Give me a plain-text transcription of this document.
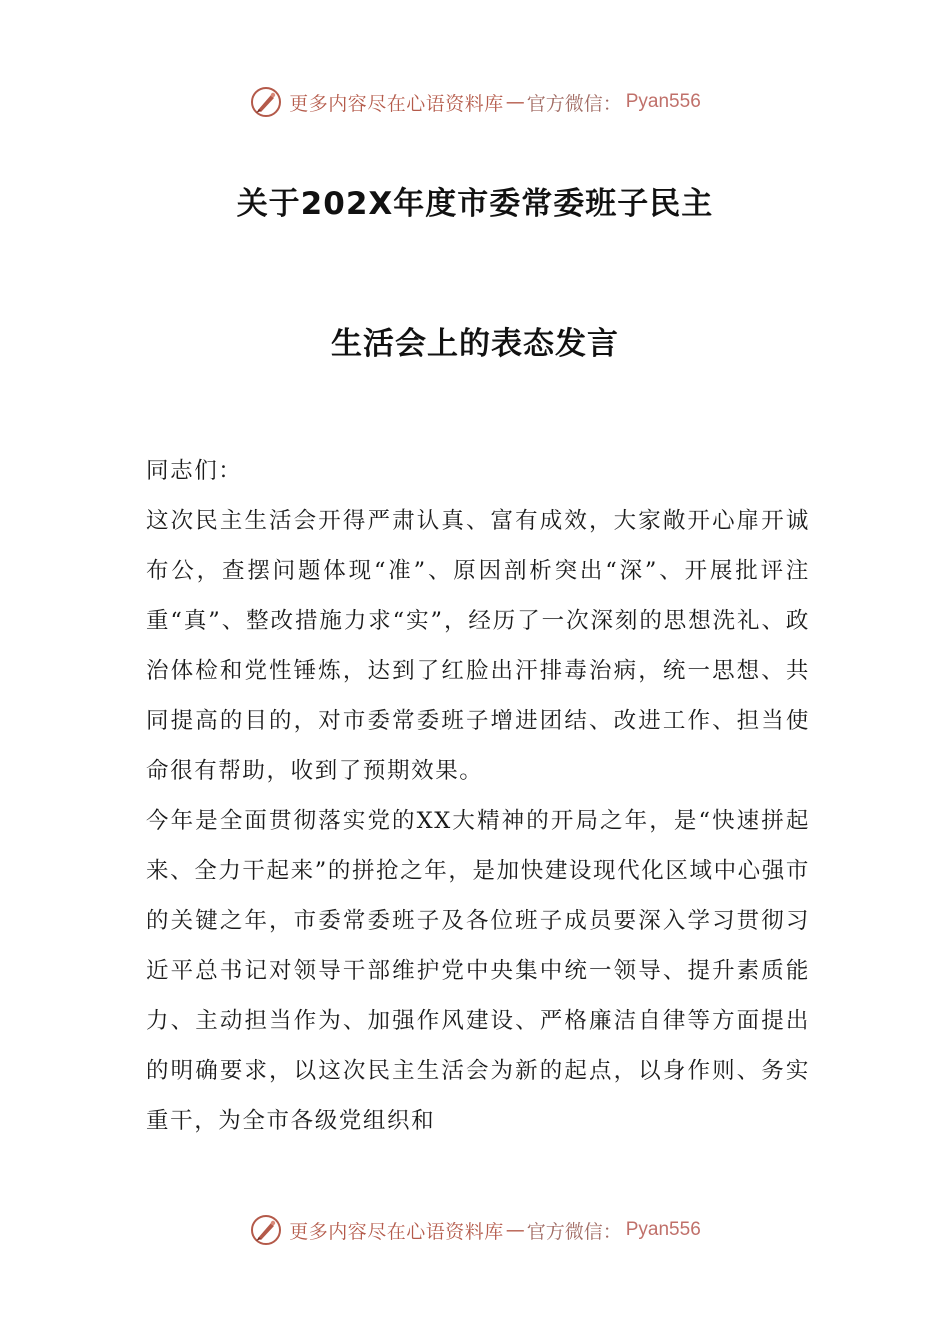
更多内容尽在心语资料库 — 官方微信： Pyan556
关于202X年度市委常委班子民主
生活会上的表态发言

同志们：

这次民主生活会开得严肃认真、富有成效，大家敞开心扉开诚布公，查摆问题体现“准”、原因剖析突出“深”、开展批评注重“真”、整改措施力求“实”，经历了一次深刻的思想洗礼、政治体检和党性锤炼，达到了红脸出汗排毒治病，统一思想、共同提高的目的，对市委常委班子增进团结、改进工作、担当使命很有帮助，收到了预期效果。

今年是全面贯彻落实党的XX大精神的开局之年，是“快速拼起来、全力干起来”的拼抢之年，是加快建设现代化区域中心强市的关键之年，市委常委班子及各位班子成员要深入学习贯彻习近平总书记对领导干部维护党中央集中统一领导、提升素质能力、主动担当作为、加强作风建设、严格廉洁自律等方面提出的明确要求，以这次民主生活会为新的起点，以身作则、务实重干，为全市各级党组织和

更多内容尽在心语资料库 — 官方微信： Pyan556
